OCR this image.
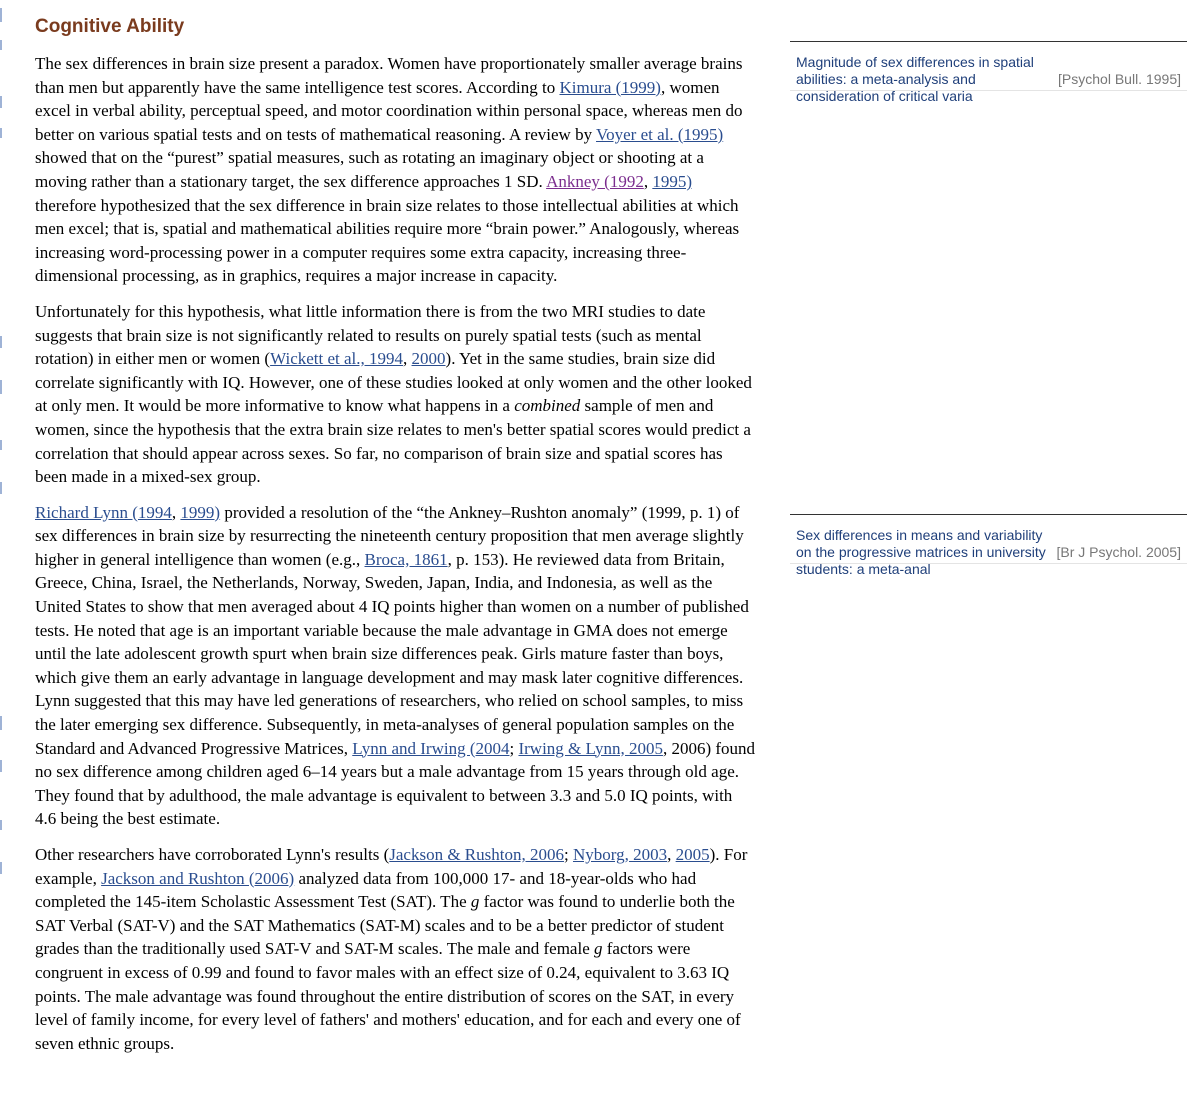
Cognitive Ability

The sex differences in brain size present a paradox. Women have proportionately smaller average brains than men but apparently have the same intelligence test scores. According to Kimura (1999), women excel in verbal ability, perceptual speed, and motor coordination within personal space, whereas men do better on various spatial tests and on tests of mathematical reasoning. A review by Voyer et al. (1995) showed that on the “purest” spatial measures, such as rotating an imaginary object or shooting at a moving rather than a stationary target, the sex difference approaches 1 SD. Ankney (1992, 1995) therefore hypothesized that the sex difference in brain size relates to those intellectual abilities at which men excel; that is, spatial and mathematical abilities require more “brain power.” Analogously, whereas increasing word-processing power in a computer requires some extra capacity, increasing three-dimensional processing, as in graphics, requires a major increase in capacity.

Unfortunately for this hypothesis, what little information there is from the two MRI studies to date suggests that brain size is not significantly related to results on purely spatial tests (such as mental rotation) in either men or women (Wickett et al., 1994, 2000). Yet in the same studies, brain size did correlate significantly with IQ. However, one of these studies looked at only women and the other looked at only men. It would be more informative to know what happens in a combined sample of men and women, since the hypothesis that the extra brain size relates to men's better spatial scores would predict a correlation that should appear across sexes. So far, no comparison of brain size and spatial scores has been made in a mixed-sex group.

Richard Lynn (1994, 1999) provided a resolution of the “the Ankney–Rushton anomaly” (1999, p. 1) of sex differences in brain size by resurrecting the nineteenth century proposition that men average slightly higher in general intelligence than women (e.g., Broca, 1861, p. 153). He reviewed data from Britain, Greece, China, Israel, the Netherlands, Norway, Sweden, Japan, India, and Indonesia, as well as the United States to show that men averaged about 4 IQ points higher than women on a number of published tests. He noted that age is an important variable because the male advantage in GMA does not emerge until the late adolescent growth spurt when brain size differences peak. Girls mature faster than boys, which give them an early advantage in language development and may mask later cognitive differences. Lynn suggested that this may have led generations of researchers, who relied on school samples, to miss the later emerging sex difference. Subsequently, in meta-analyses of general population samples on the Standard and Advanced Progressive Matrices, Lynn and Irwing (2004; Irwing & Lynn, 2005, 2006) found no sex difference among children aged 6–14 years but a male advantage from 15 years through old age. They found that by adulthood, the male advantage is equivalent to between 3.3 and 5.0 IQ points, with 4.6 being the best estimate.

Other researchers have corroborated Lynn's results (Jackson & Rushton, 2006; Nyborg, 2003, 2005). For example, Jackson and Rushton (2006) analyzed data from 100,000 17- and 18-year-olds who had completed the 145-item Scholastic Assessment Test (SAT). The g factor was found to underlie both the SAT Verbal (SAT-V) and the SAT Mathematics (SAT-M) scales and to be a better predictor of student grades than the traditionally used SAT-V and SAT-M scales. The male and female g factors were congruent in excess of 0.99 and found to favor males with an effect size of 0.24, equivalent to 3.63 IQ points. The male advantage was found throughout the entire distribution of scores on the SAT, in every level of family income, for every level of fathers' and mothers' education, and for each and every one of seven ethnic groups.

Magnitude of sex differences in spatial abilities: a meta-analysis and consideration of critical varia
[Psychol Bull. 1995]
Sex differences in means and variability on the progressive matrices in university students: a meta-anal
[Br J Psychol. 2005]
